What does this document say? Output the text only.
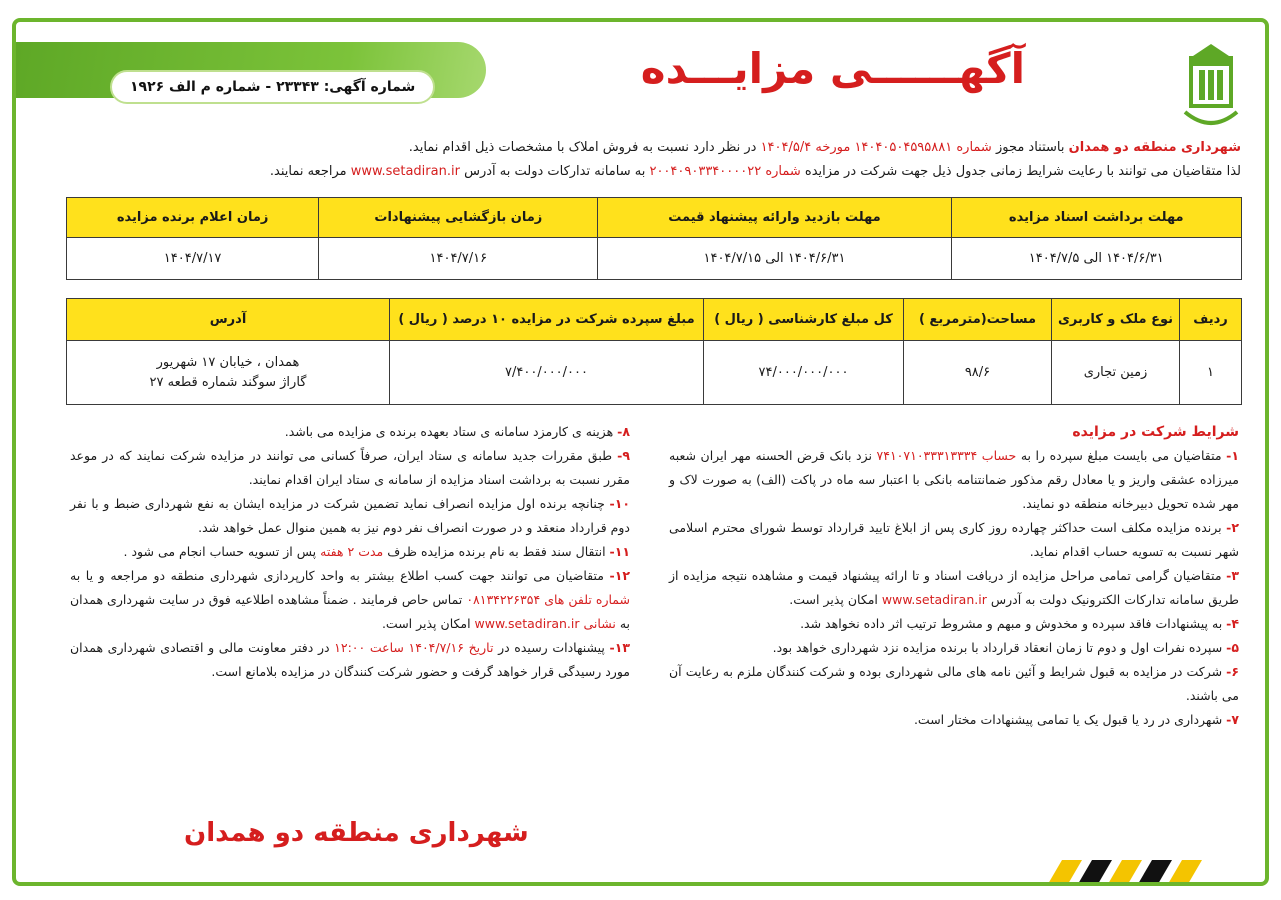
شماره آگهی: ۲۳۳۴۳ - شماره م الف ۱۹۲۶	آگهــــــی مزایـــده

شهرداری منطقه دو همدان باستناد مجوز شماره ۱۴۰۴۰۵۰۴۵۹۵۸۸۱ مورخه ۱۴۰۴/۵/۴ در نظر دارد نسبت به فروش املاک با مشخصات ذیل اقدام نماید.

لذا متقاضیان می توانند با رعایت شرایط زمانی جدول ذیل جهت شرکت در مزایده شماره ۲۰۰۴۰۹۰۳۳۴۰۰۰۰۲۲ به سامانه تدارکات دولت به آدرس www.setadiran.ir مراجعه نمایند.

مهلت برداشت اسناد مزایده	مهلت بازدید وارائه پیشنهاد قیمت	زمان بازگشایی پیشنهادات	زمان اعلام برنده مزایده
۱۴۰۴/۶/۳۱ الی ۱۴۰۴/۷/۵	۱۴۰۴/۶/۳۱ الی ۱۴۰۴/۷/۱۵	۱۴۰۴/۷/۱۶	۱۴۰۴/۷/۱۷
ردیف	نوع ملک و کاربری	مساحت(مترمربع )	کل مبلغ کارشناسی ( ریال )	مبلغ سپرده شرکت در مزایده ۱۰ درصد ( ریال )	آدرس
۱	زمین تجاری	۹۸/۶	۷۴/۰۰۰/۰۰۰/۰۰۰	۷/۴۰۰/۰۰۰/۰۰۰	همدان ، خیابان ۱۷ شهریور
گاراژ سوگند شماره قطعه ۲۷

شرایط شرکت در مزایده

۱- متقاضیان می بایست مبلغ سپرده را به حساب ۷۴۱۰۷۱۰۳۳۳۱۳۳۳۴ نزد بانک قرض الحسنه مهر ایران شعبه میرزاده عشقی واریز و یا معادل رقم مذکور ضمانتنامه بانکی با اعتبار سه ماه در پاکت (الف) به صورت لاک و مهر شده تحویل دبیرخانه منطقه دو نمایند.

۲- برنده مزایده مکلف است حداکثر چهارده روز کاری پس از ابلاغ تایید قرارداد توسط شورای محترم اسلامی شهر نسبت به تسویه حساب اقدام نماید.

۳- متقاضیان گرامی تمامی مراحل مزایده از دریافت اسناد و تا ارائه پیشنهاد قیمت و مشاهده نتیجه مزایده از طریق سامانه تدارکات الکترونیک دولت به آدرس www.setadiran.ir امکان پذیر است.

۴- به پیشنهادات فاقد سپرده و مخدوش و مبهم و مشروط ترتیب اثر داده نخواهد شد.

۵- سپرده نفرات اول و دوم تا زمان انعقاد قرارداد با برنده مزایده نزد شهرداری خواهد بود.

۶- شرکت در مزایده به قبول شرایط و آئین نامه های مالی شهرداری بوده و شرکت کنندگان ملزم به رعایت آن می باشند.

۷- شهرداری در رد یا قبول یک یا تمامی پیشنهادات مختار است.

۸- هزینه ی کارمزد سامانه ی ستاد بعهده برنده ی مزایده می باشد.

۹- طبق مقررات جدید سامانه ی ستاد ایران، صرفاً کسانی می توانند در مزایده شرکت نمایند که در موعد مقرر نسبت به برداشت اسناد مزایده از سامانه ی ستاد ایران اقدام نمایند.

۱۰- چنانچه برنده اول مزایده انصراف نماید تضمین شرکت در مزایده ایشان به نفع شهرداری ضبط و با نفر دوم قرارداد منعقد و در صورت انصراف نفر دوم نیز به همین منوال عمل خواهد شد.

۱۱- انتقال سند فقط به نام برنده مزایده ظرف مدت ۲ هفته پس از تسویه حساب انجام می شود .

۱۲- متقاضیان می توانند جهت کسب اطلاع بیشتر به واحد کارپردازی شهرداری منطقه دو مراجعه و یا به شماره تلفن های ۰۸۱۳۴۲۲۶۳۵۴ تماس حاص فرمایند . ضمناً مشاهده اطلاعیه فوق در سایت شهرداری همدان به نشانی www.setadiran.ir امکان پذیر است.

۱۳- پیشنهادات رسیده در تاریخ ۱۴۰۴/۷/۱۶ ساعت ۱۲:۰۰ در دفتر معاونت مالی و اقتصادی شهرداری همدان مورد رسیدگی قرار خواهد گرفت و حضور شرکت کنندگان در مزایده بلامانع است.

شهرداری منطقه دو همدان
